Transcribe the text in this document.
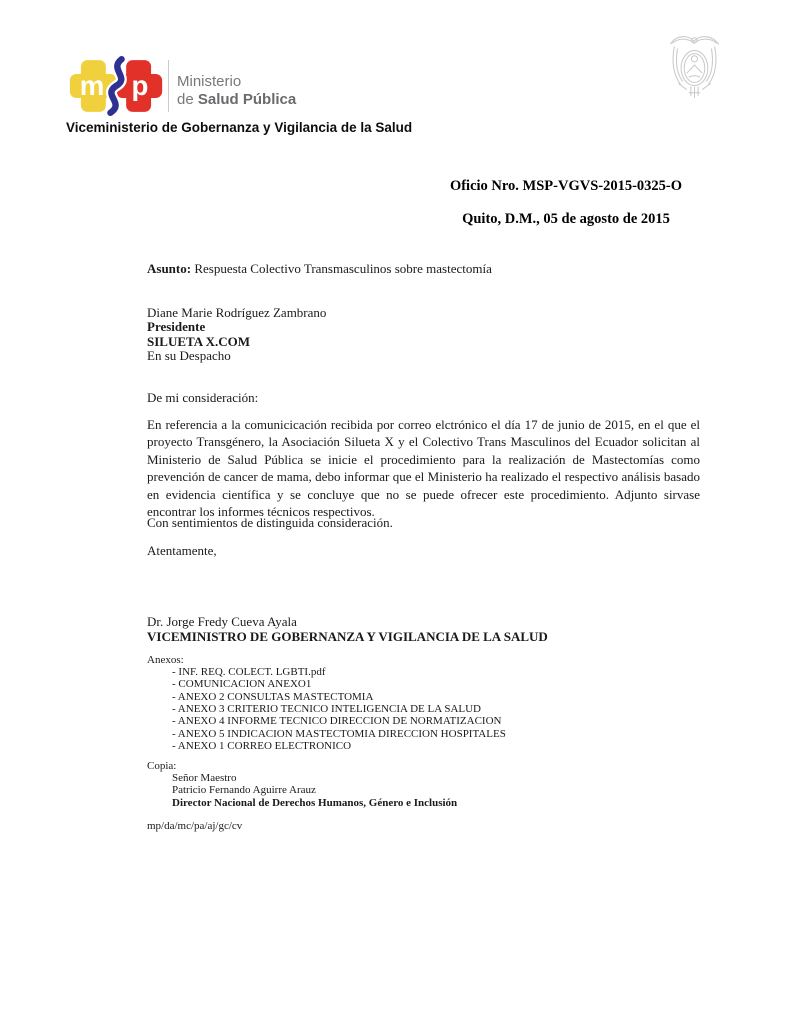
m p Ministerio
de Salud Pública
Viceministerio de Gobernanza y Vigilancia de la Salud
Oficio Nro. MSP-VGVS-2015-0325-O
Quito, D.M., 05 de agosto de 2015
Asunto: Respuesta Colectivo Transmasculinos sobre mastectomía
Diane Marie Rodríguez Zambrano
Presidente
SILUETA X.COM
En su Despacho
De mi consideración:
En referencia a la comunicicación recibida por correo elctrónico el día 17 de junio de 2015, en el que el proyecto Transgénero, la Asociación Silueta X y el Colectivo Trans Masculinos del Ecuador solicitan al Ministerio de Salud Pública se inicie el procedimiento para la realización de Mastectomías como prevención de cancer de mama, debo informar que el Ministerio ha realizado el respectivo análisis basado en evidencia científica y se concluye que no se puede ofrecer este procedimiento. Adjunto sirvase encontrar los informes técnicos respectivos.
Con sentimientos de distinguida consideración.
Atentamente,
Dr. Jorge Fredy Cueva Ayala
VICEMINISTRO DE GOBERNANZA Y VIGILANCIA DE LA SALUD
Anexos:
- INF. REQ. COLECT. LGBTI.pdf
- COMUNICACION ANEXO1
- ANEXO 2 CONSULTAS MASTECTOMIA
- ANEXO 3 CRITERIO TECNICO INTELIGENCIA DE LA SALUD
- ANEXO 4 INFORME TECNICO DIRECCION DE NORMATIZACION
- ANEXO 5 INDICACION MASTECTOMIA DIRECCION HOSPITALES
- ANEXO 1 CORREO ELECTRONICO
Copia:
Señor Maestro
Patricio Fernando Aguirre Arauz
Director Nacional de Derechos Humanos, Género e Inclusión
mp/da/mc/pa/aj/gc/cv
